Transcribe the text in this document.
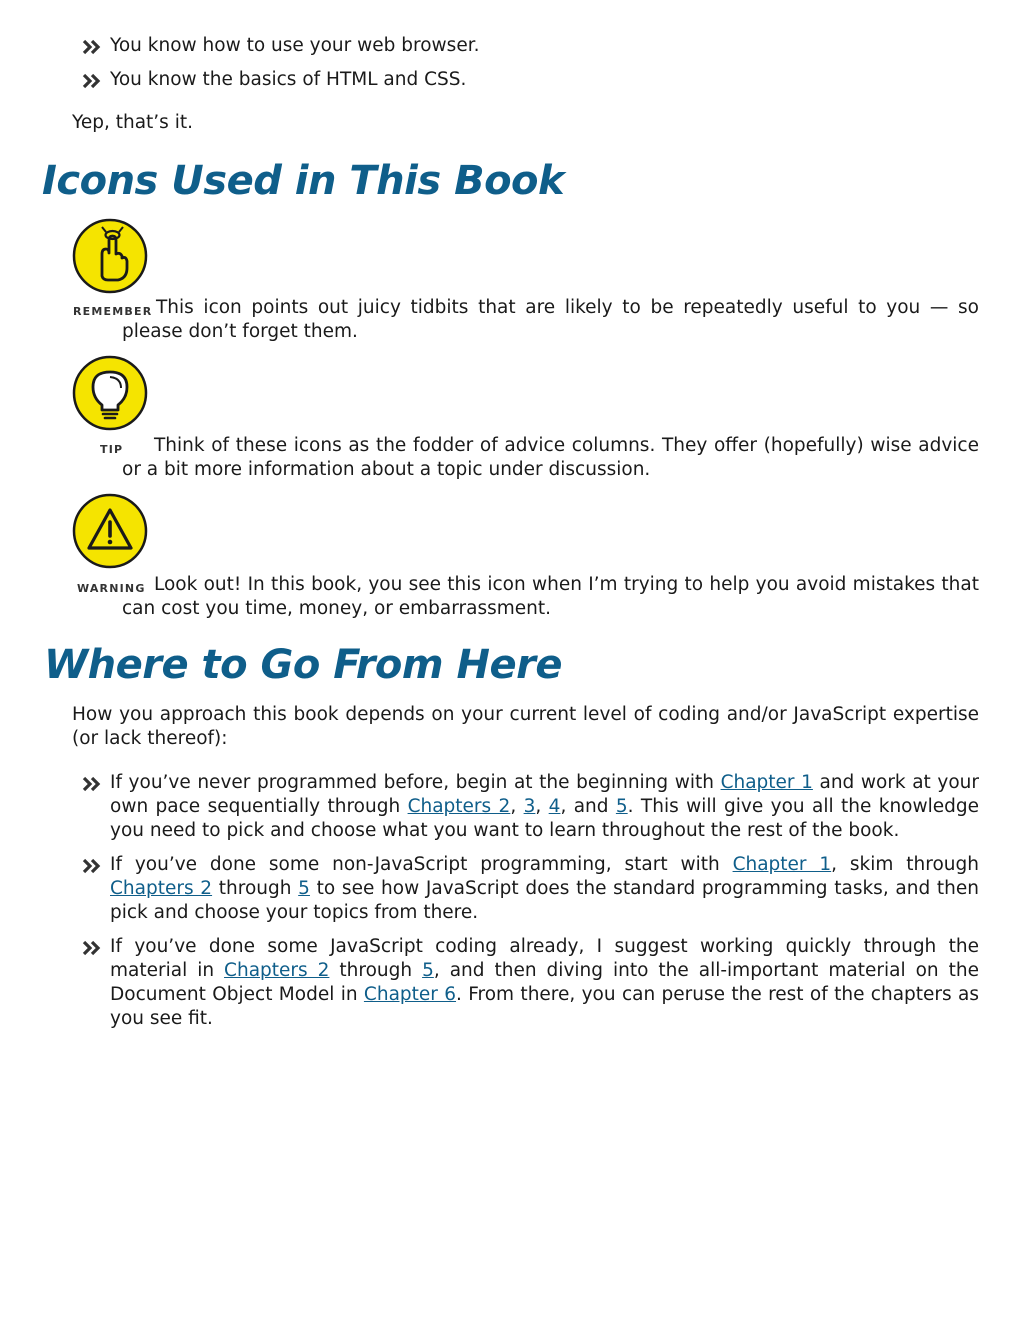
You know how to use your web browser.
You know the basics of HTML and CSS.
Yep, that’s it.
Icons Used in This Book
REMEMBER This icon points out juicy tidbits that are likely to be repeatedly useful to you — so please don’t forget them.
TIP	Think of these icons as the fodder of advice columns. They offer (hopefully) wise advice or a bit more information about a topic under discussion.
WARNING Look out! In this book, you see this icon when I’m trying to help you avoid mistakes that can cost you time, money, or embarrassment.
Where to Go From Here
How you approach this book depends on your current level of coding and/or JavaScript expertise (or lack thereof):
If you’ve never programmed before, begin at the beginning with Chapter 1 and work at your own pace sequentially through Chapters 2, 3, 4, and 5. This will give you all the knowledge you need to pick and choose what you want to learn throughout the rest of the book.
If you’ve done some non-JavaScript programming, start with Chapter 1, skim through Chapters 2 through 5 to see how JavaScript does the standard programming tasks, and then pick and choose your topics from there.
If you’ve done some JavaScript coding already, I suggest working quickly through the material in Chapters 2 through 5, and then diving into the all-important material on the Document Object Model in Chapter 6. From there, you can peruse the rest of the chapters as you see fit.
